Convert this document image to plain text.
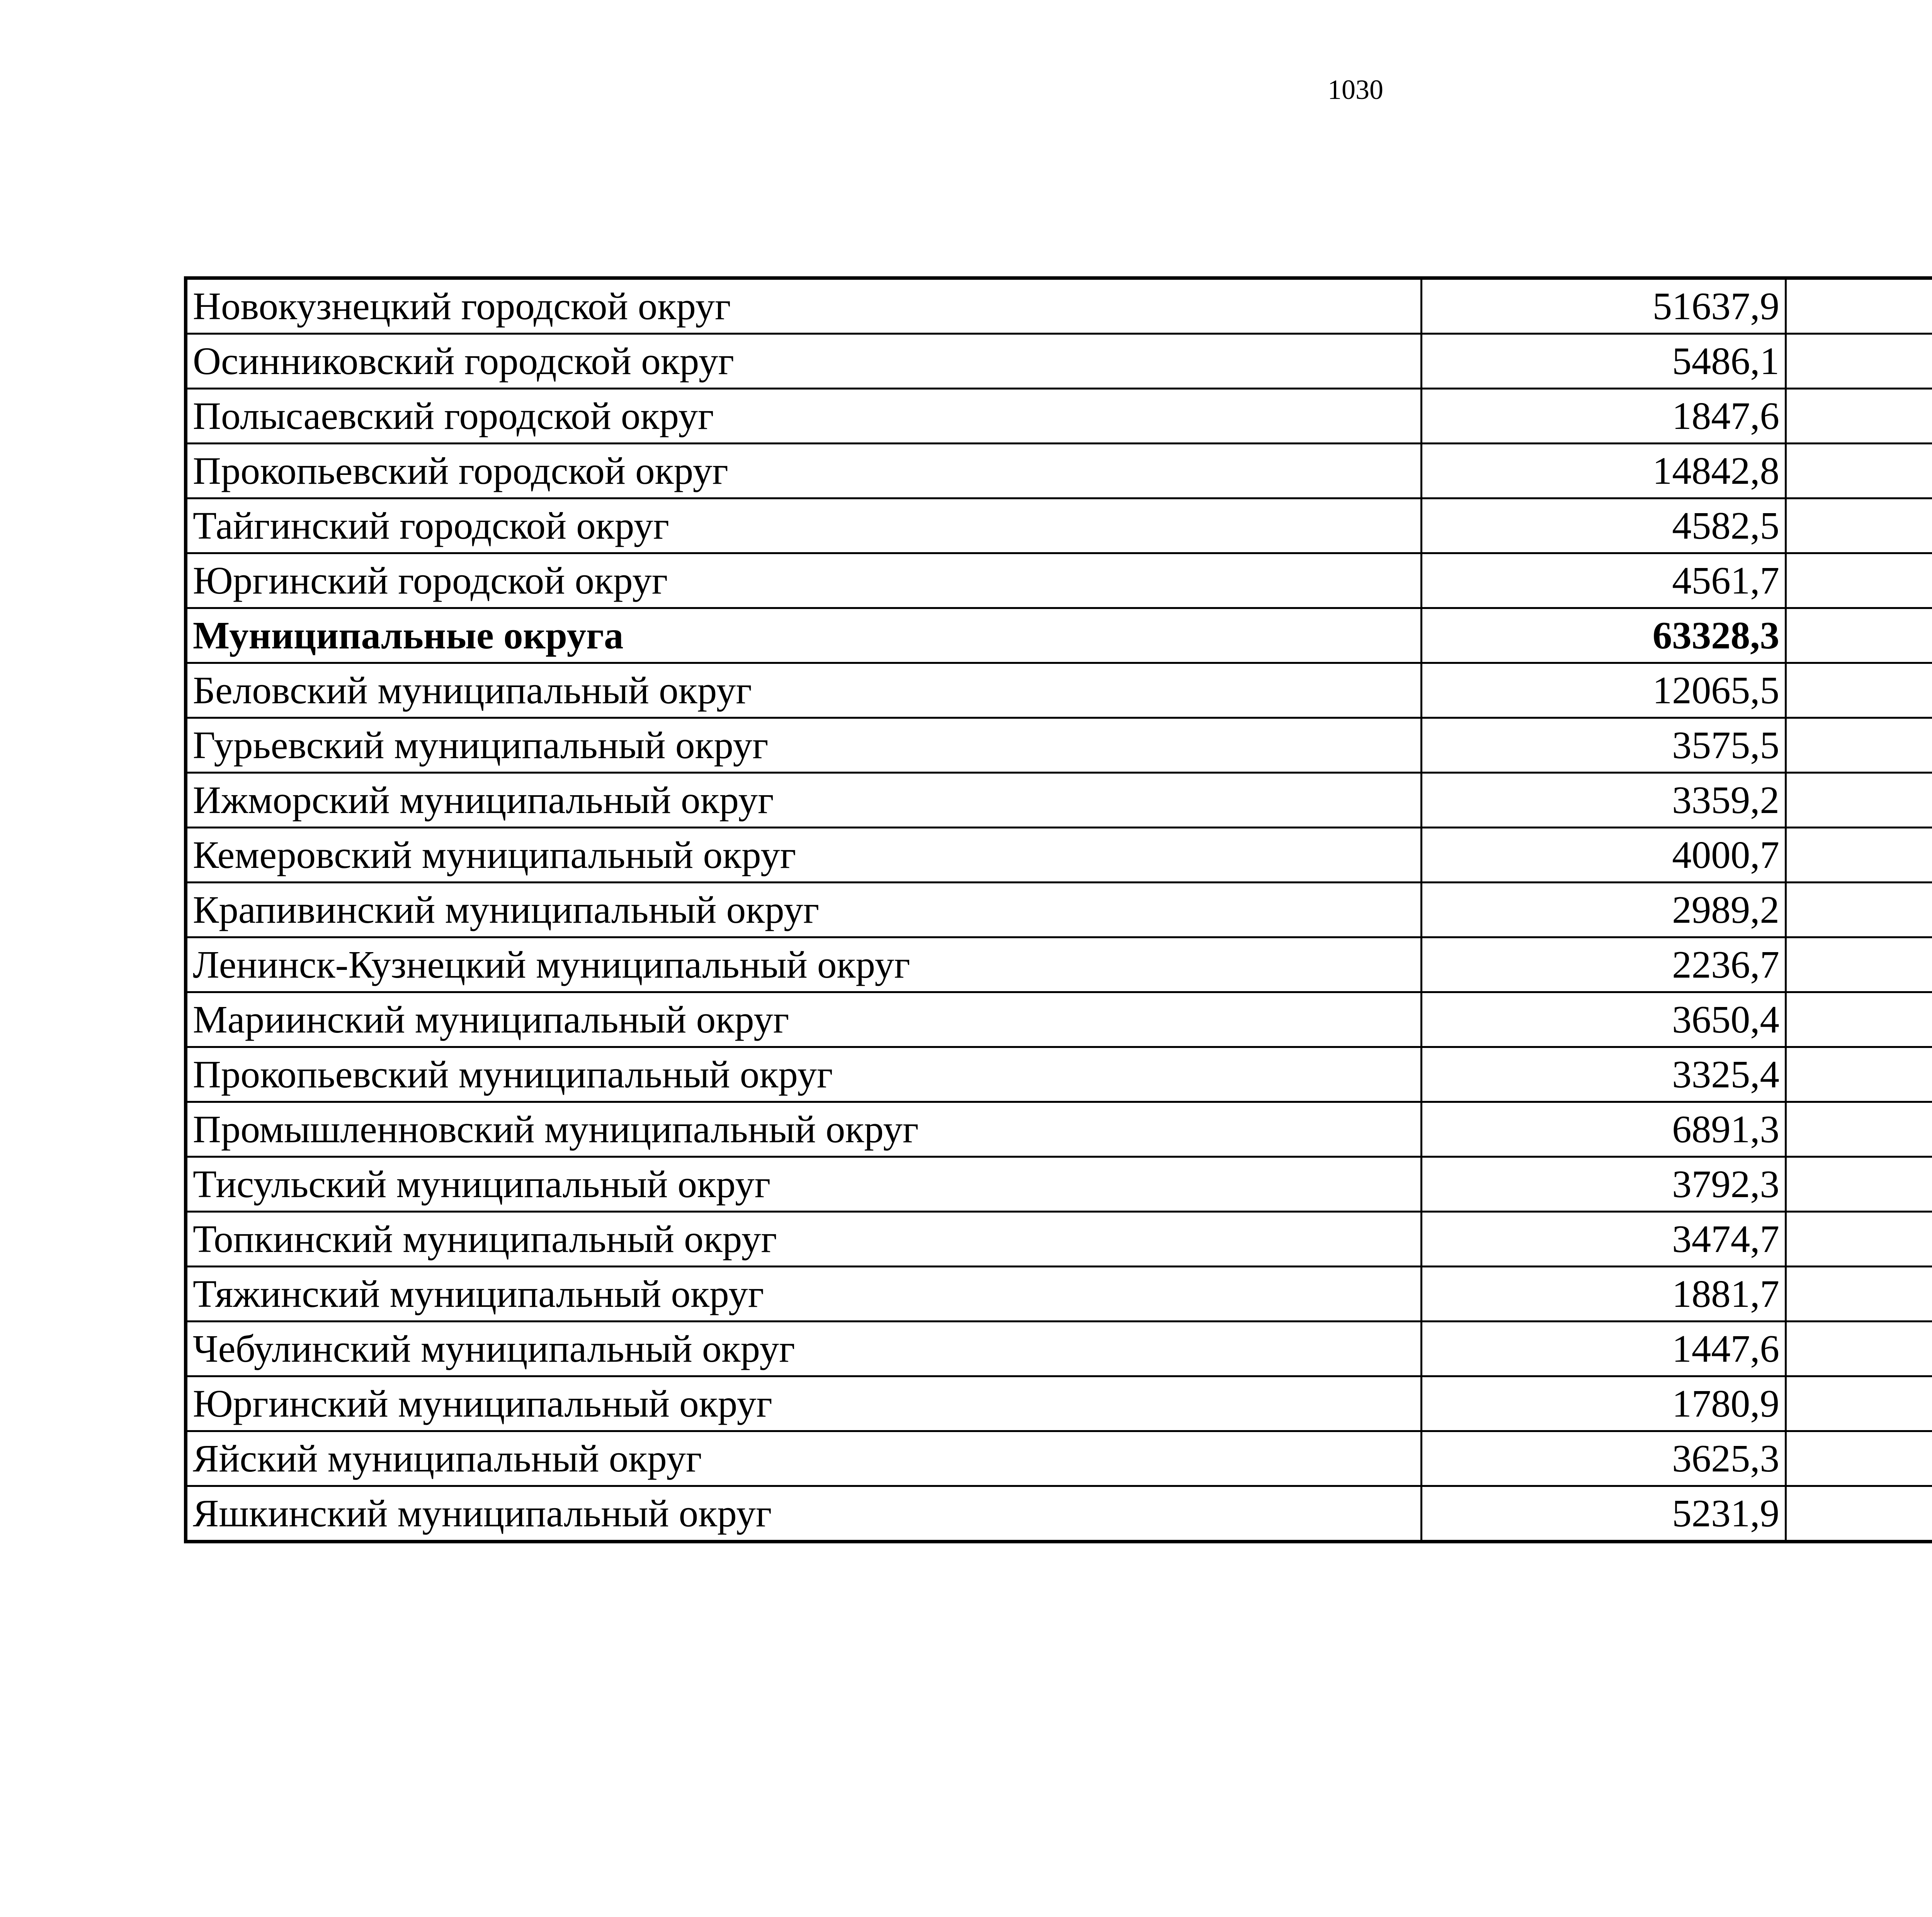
1030
Новокузнецкий городской округ	51637,9		
Осинниковский городской округ	5486,1		
Полысаевский городской округ	1847,6		
Прокопьевский городской округ	14842,8		
Тайгинский городской округ	4582,5		
Юргинский городской округ	4561,7		
Муниципальные округа	63328,3		
Беловский муниципальный округ	12065,5		
Гурьевский муниципальный округ	3575,5		
Ижморский муниципальный округ	3359,2		
Кемеровский муниципальный округ	4000,7		
Крапивинский муниципальный округ	2989,2		
Ленинск-Кузнецкий муниципальный округ	2236,7		
Мариинский муниципальный округ	3650,4		
Прокопьевский муниципальный округ	3325,4		
Промышленновский муниципальный округ	6891,3		
Тисульский муниципальный округ	3792,3		
Топкинский муниципальный округ	3474,7		
Тяжинский муниципальный округ	1881,7		
Чебулинский муниципальный округ	1447,6		
Юргинский муниципальный округ	1780,9		
Яйский муниципальный округ	3625,3		
Яшкинский муниципальный округ	5231,9		
